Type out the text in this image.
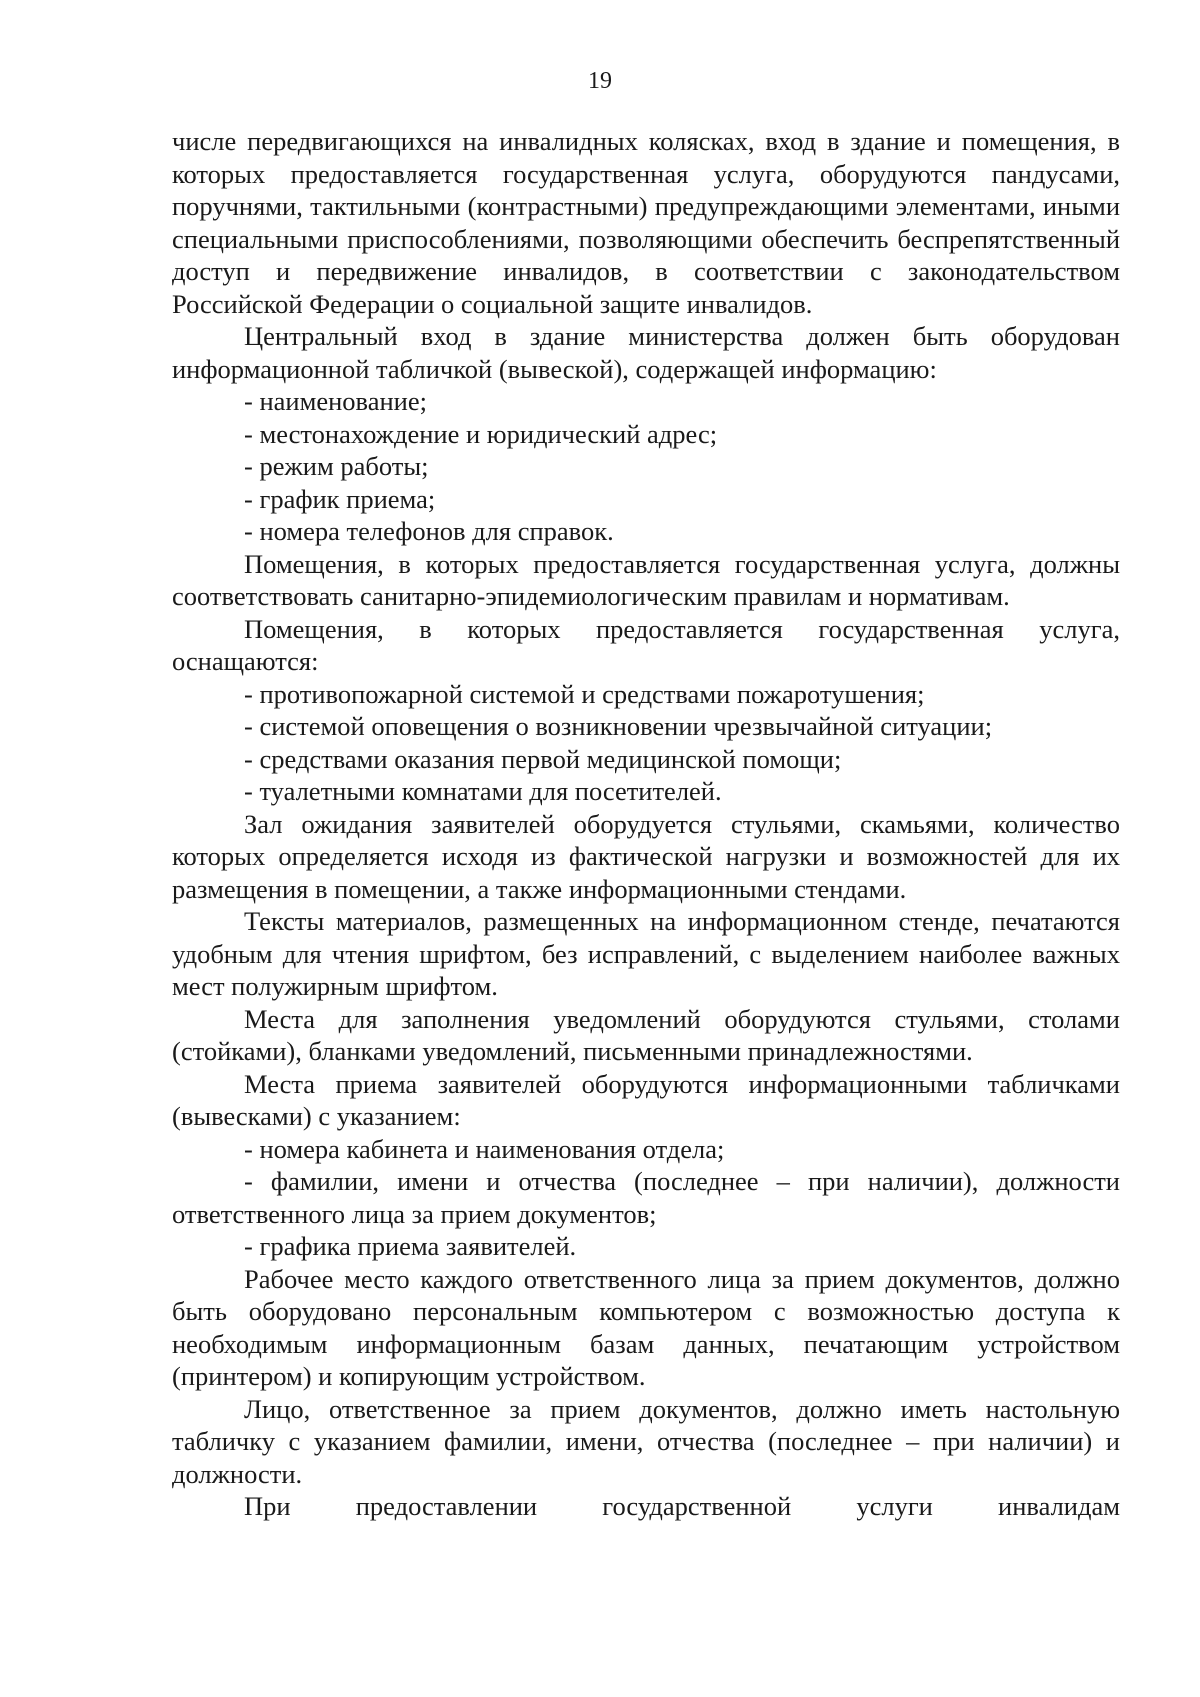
19

числе передвигающихся на инвалидных колясках, вход в здание и помещения, в которых предоставляется государственная услуга, оборудуются пандусами, поручнями, тактильными (контрастными) предупреждающими элементами, иными специальными приспособлениями, позволяющими обеспечить беспрепятственный доступ и передвижение инвалидов, в соответствии с законодательством Российской Федерации о социальной защите инвалидов.

Центральный вход в здание министерства должен быть оборудован информационной табличкой (вывеской), содержащей информацию:

- наименование;

- местонахождение и юридический адрес;

- режим работы;

- график приема;

- номера телефонов для справок.

Помещения, в которых предоставляется государственная услуга, должны соответствовать санитарно-эпидемиологическим правилам и нормативам.

Помещения, в которых предоставляется государственная услуга, оснащаются:

- противопожарной системой и средствами пожаротушения;

- системой оповещения о возникновении чрезвычайной ситуации;

- средствами оказания первой медицинской помощи;

- туалетными комнатами для посетителей.

Зал ожидания заявителей оборудуется стульями, скамьями, количество которых определяется исходя из фактической нагрузки и возможностей для их размещения в помещении, а также информационными стендами.

Тексты материалов, размещенных на информационном стенде, печатаются удобным для чтения шрифтом, без исправлений, с выделением наиболее важных мест полужирным шрифтом.

Места для заполнения уведомлений оборудуются стульями, столами (стойками), бланками уведомлений, письменными принадлежностями.

Места приема заявителей оборудуются информационными табличками (вывесками) с указанием:

- номера кабинета и наименования отдела;

- фамилии, имени и отчества (последнее – при наличии), должности ответственного лица за прием документов;

- графика приема заявителей.

Рабочее место каждого ответственного лица за прием документов, должно быть оборудовано персональным компьютером с возможностью доступа к необходимым информационным базам данных, печатающим устройством (принтером) и копирующим устройством.

Лицо, ответственное за прием документов, должно иметь настольную табличку с указанием фамилии, имени, отчества (последнее – при наличии) и должности.

При предоставлении государственной услуги инвалидам
